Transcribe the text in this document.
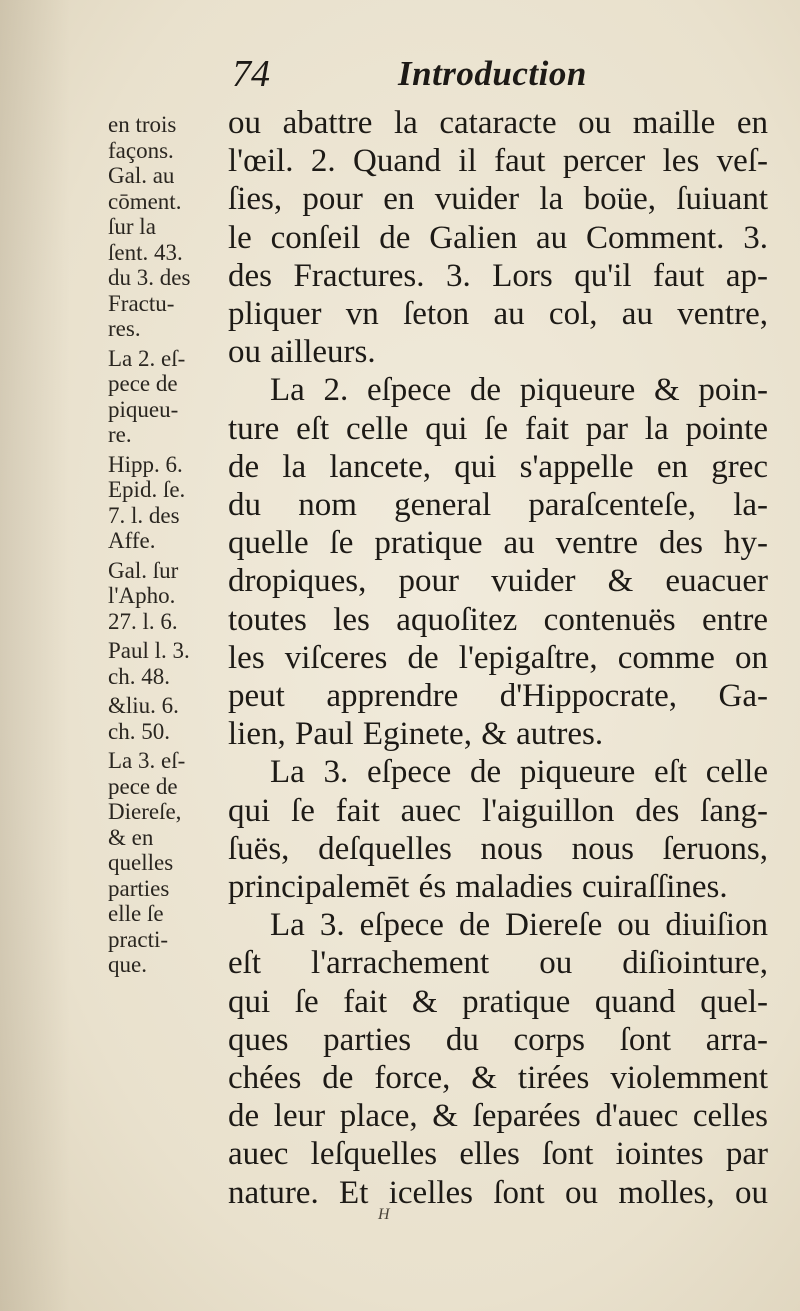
74	Introduction
en trois
façons.
Gal. au
cōment.
ſur la
ſent. 43.
du 3. des
Fractu-
res.
La 2. eſ-
pece de
piqueu-
re.
Hipp. 6.
Epid. ſe.
7. l. des
Affe.
Gal. ſur
l'Apho.
27. l. 6.
Paul l. 3.
ch. 48.
&liu. 6.
ch. 50.
La 3. eſ-
pece de
Diereſe,
& en
quelles
parties
elle ſe
practi-
que.
ou abattre la cataracte ou maille en
l'œil. 2. Quand il faut percer les veſ-
ſies, pour en vuider la boüe, ſuiuant
le conſeil de Galien au Comment. 3.
des Fractures. 3. Lors qu'il faut ap-
pliquer vn ſeton au col, au ventre,
ou ailleurs.
La 2. eſpece de piqueure & poin-
ture eſt celle qui ſe fait par la pointe
de la lancete, qui s'appelle en grec
du nom general paraſcenteſe, la-
quelle ſe pratique au ventre des hy-
dropiques, pour vuider & euacuer
toutes les aquoſitez contenuës entre
les viſceres de l'epigaſtre, comme on
peut apprendre d'Hippocrate, Ga-
lien, Paul Eginete, & autres.
La 3. eſpece de piqueure eſt celle
qui ſe fait auec l'aiguillon des ſang-
ſuës, deſquelles nous nous ſeruons,
principalemēt és maladies cuiraſſines.
La 3. eſpece de Diereſe ou diuiſion
eſt l'arrachement ou diſiointure,
qui ſe fait & pratique quand quel-
ques parties du corps ſont arra-
chées de force, & tirées violemment
de leur place, & ſeparées d'auec celles
auec leſquelles elles ſont iointes par
nature. Et icelles ſont ou molles, ou
H
